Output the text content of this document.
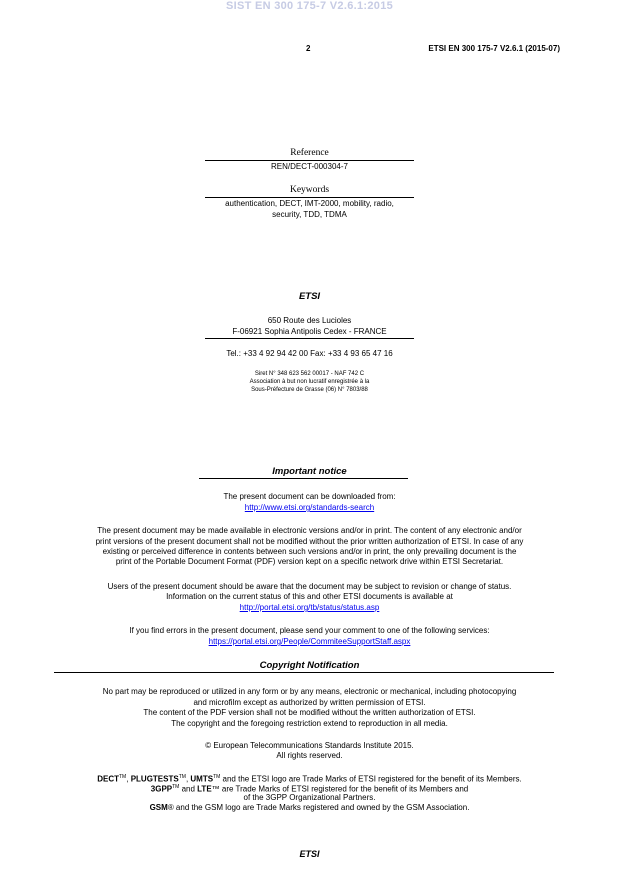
SIST EN 300 175-7 V2.6.1:2015
2	ETSI EN 300 175-7 V2.6.1 (2015-07)
Reference
REN/DECT-000304-7
Keywords
authentication, DECT, IMT-2000, mobility, radio,
security, TDD, TDMA
ETSI
650 Route des Lucioles
F-06921 Sophia Antipolis Cedex - FRANCE
Tel.: +33 4 92 94 42 00 Fax: +33 4 93 65 47 16
Siret N° 348 623 562 00017 - NAF 742 C
Association à but non lucratif enregistrée à la
Sous-Préfecture de Grasse (06) N° 7803/88
Important notice
The present document can be downloaded from:
http://www.etsi.org/standards-search
The present document may be made available in electronic versions and/or in print. The content of any electronic and/or
print versions of the present document shall not be modified without the prior written authorization of ETSI. In case of any
existing or perceived difference in contents between such versions and/or in print, the only prevailing document is the
print of the Portable Document Format (PDF) version kept on a specific network drive within ETSI Secretariat.
Users of the present document should be aware that the document may be subject to revision or change of status.
Information on the current status of this and other ETSI documents is available at
http://portal.etsi.org/tb/status/status.asp
If you find errors in the present document, please send your comment to one of the following services:
https://portal.etsi.org/People/CommiteeSupportStaff.aspx
Copyright Notification
No part may be reproduced or utilized in any form or by any means, electronic or mechanical, including photocopying
and microfilm except as authorized by written permission of ETSI.
The content of the PDF version shall not be modified without the written authorization of ETSI.
The copyright and the foregoing restriction extend to reproduction in all media.
© European Telecommunications Standards Institute 2015.
All rights reserved.
DECT™, PLUGTESTS™, UMTS™ and the ETSI logo are Trade Marks of ETSI registered for the benefit of its Members.
3GPP™ and LTE™ are Trade Marks of ETSI registered for the benefit of its Members and
of the 3GPP Organizational Partners.
GSM® and the GSM logo are Trade Marks registered and owned by the GSM Association.
ETSI
